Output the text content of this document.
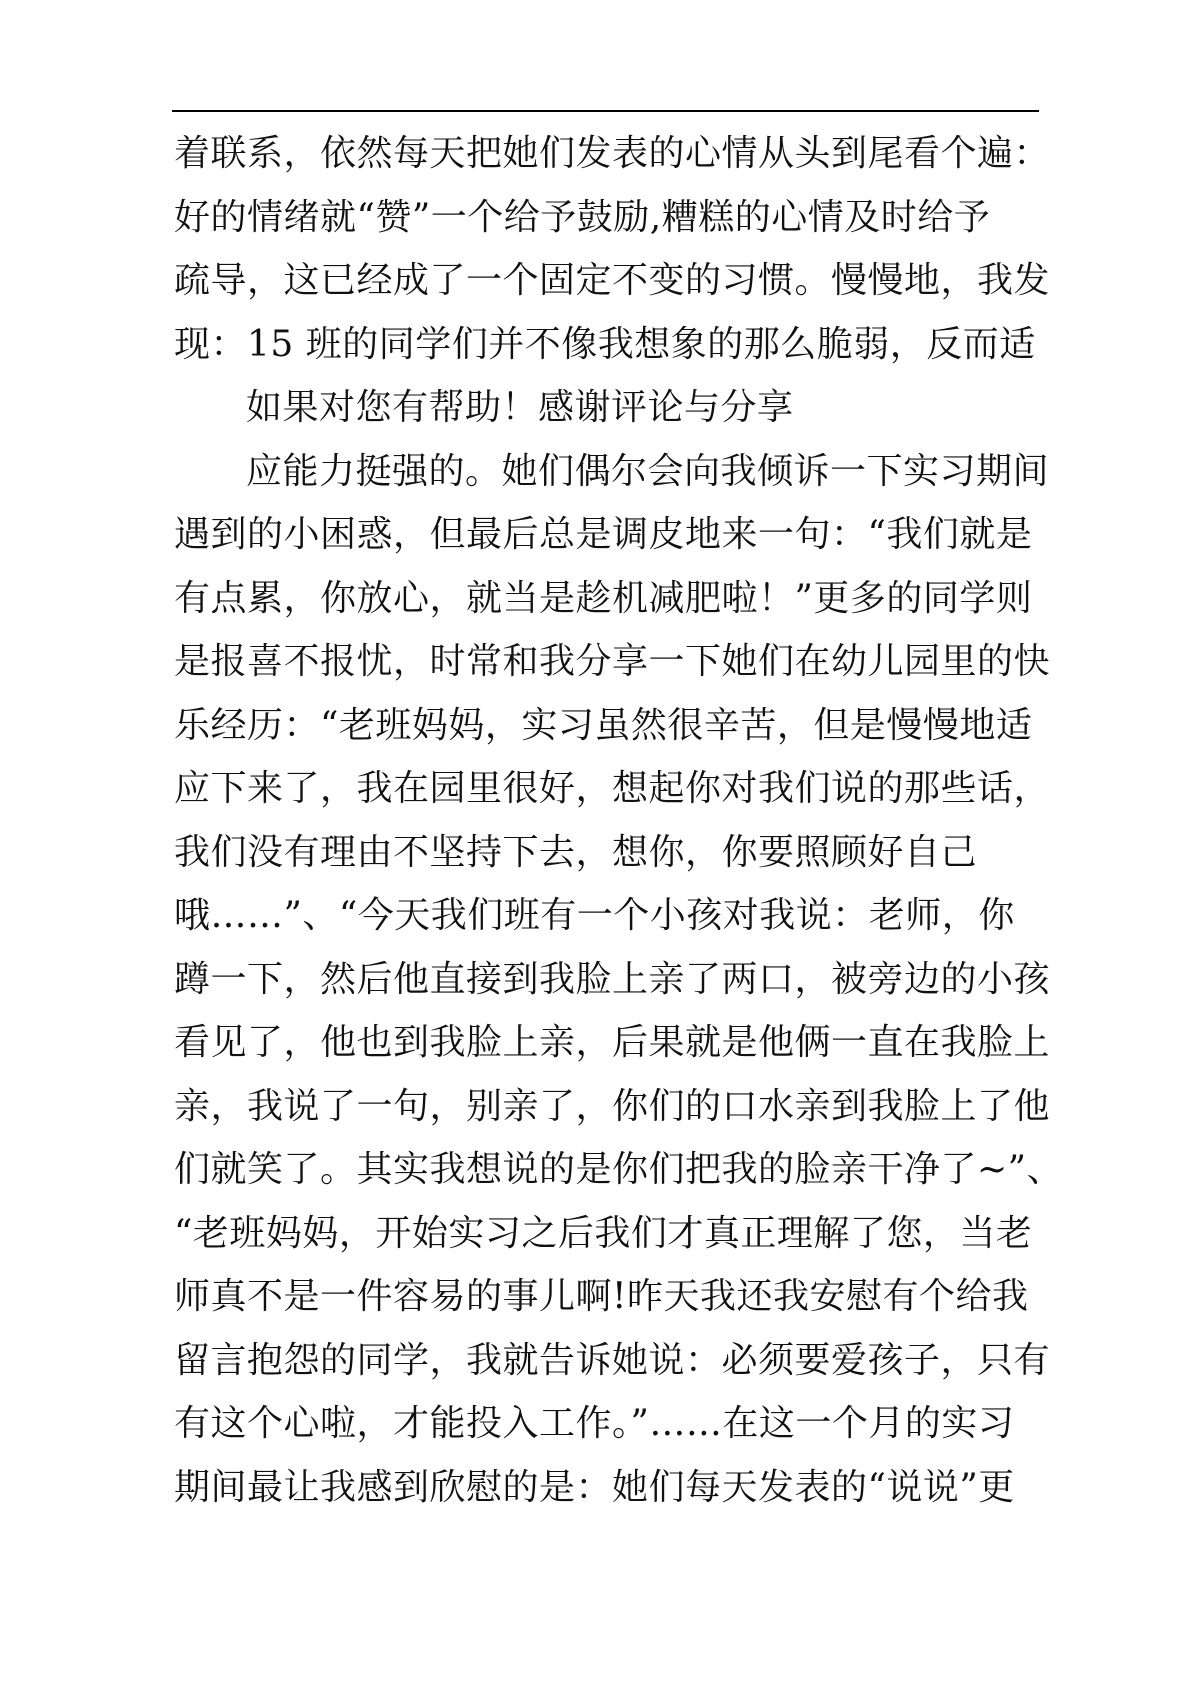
着联系，依然每天把她们发表的心情从头到尾看个遍：
好的情绪就“赞”一个给予鼓励,糟糕的心情及时给予
疏导，这已经成了一个固定不变的习惯。慢慢地，我发
现：15 班的同学们并不像我想象的那么脆弱，反而适
如果对您有帮助！感谢评论与分享
应能力挺强的。她们偶尔会向我倾诉一下实习期间
遇到的小困惑，但最后总是调皮地来一句：“我们就是
有点累，你放心，就当是趁机减肥啦！”更多的同学则
是报喜不报忧，时常和我分享一下她们在幼儿园里的快
乐经历：“老班妈妈，实习虽然很辛苦，但是慢慢地适
应下来了，我在园里很好，想起你对我们说的那些话，
我们没有理由不坚持下去，想你，你要照顾好自己
哦……”、“今天我们班有一个小孩对我说：老师，你
蹲一下，然后他直接到我脸上亲了两口，被旁边的小孩
看见了，他也到我脸上亲，后果就是他俩一直在我脸上
亲，我说了一句，别亲了，你们的口水亲到我脸上了他
们就笑了。其实我想说的是你们把我的脸亲干净了~”、
“老班妈妈，开始实习之后我们才真正理解了您，当老
师真不是一件容易的事儿啊!昨天我还我安慰有个给我
留言抱怨的同学，我就告诉她说：必须要爱孩子，只有
有这个心啦，才能投入工作。”……在这一个月的实习
期间最让我感到欣慰的是：她们每天发表的“说说”更
